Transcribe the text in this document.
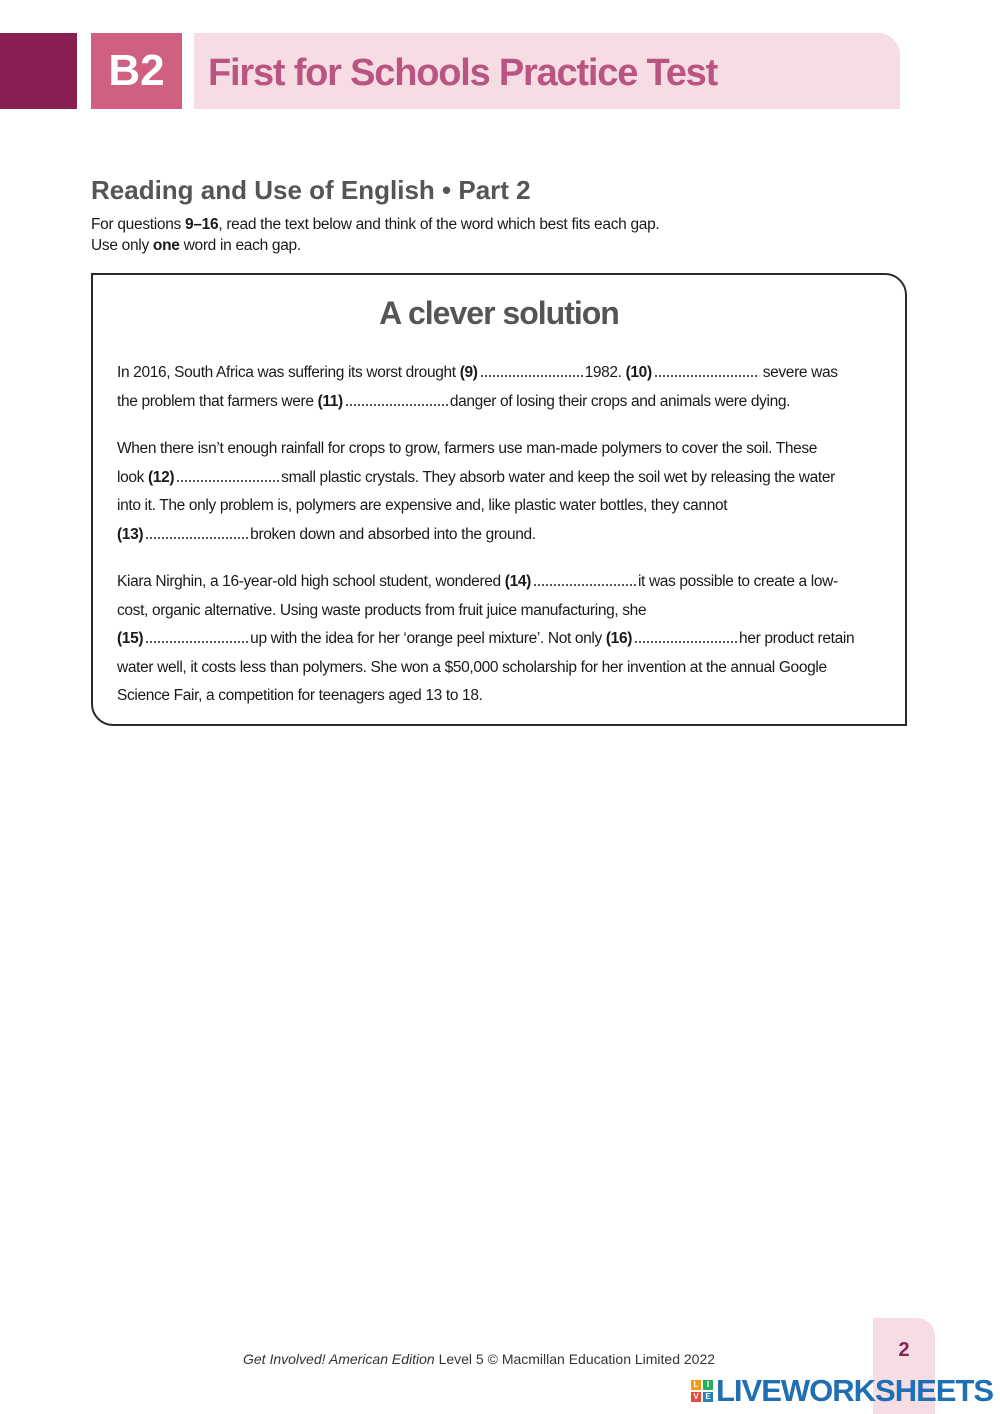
B2	First for Schools Practice Test
Reading and Use of English • Part 2

For questions 9–16, read the text below and think of the word which best fits each gap.

Use only one word in each gap.

A clever solution
In 2016, South Africa was suffering its worst drought (9)	1982. (10)	severe was
the problem that farmers were (11)	danger of losing their crops and animals were dying.
When there isn’t enough rainfall for crops to grow, farmers use man-made polymers to cover the soil. These
look (12)	small plastic crystals. They absorb water and keep the soil wet by releasing the water
into it. The only problem is, polymers are expensive and, like plastic water bottles, they cannot
(13)	broken down and absorbed into the ground.
Kiara Nirghin, a 16-year-old high school student, wondered (14)	it was possible to create a low-
cost, organic alternative. Using waste products from fruit juice manufacturing, she
(15)	up with the idea for her ‘orange peel mixture’. Not only (16)	her product retain
water well, it costs less than polymers. She won a $50,000 scholarship for her invention at the annual Google
Science Fair, a competition for teenagers aged 13 to 18.
Get Involved! American Edition Level 5 © Macmillan Education Limited 2022	2
L	I
V E LIVEWORKSHEETS
